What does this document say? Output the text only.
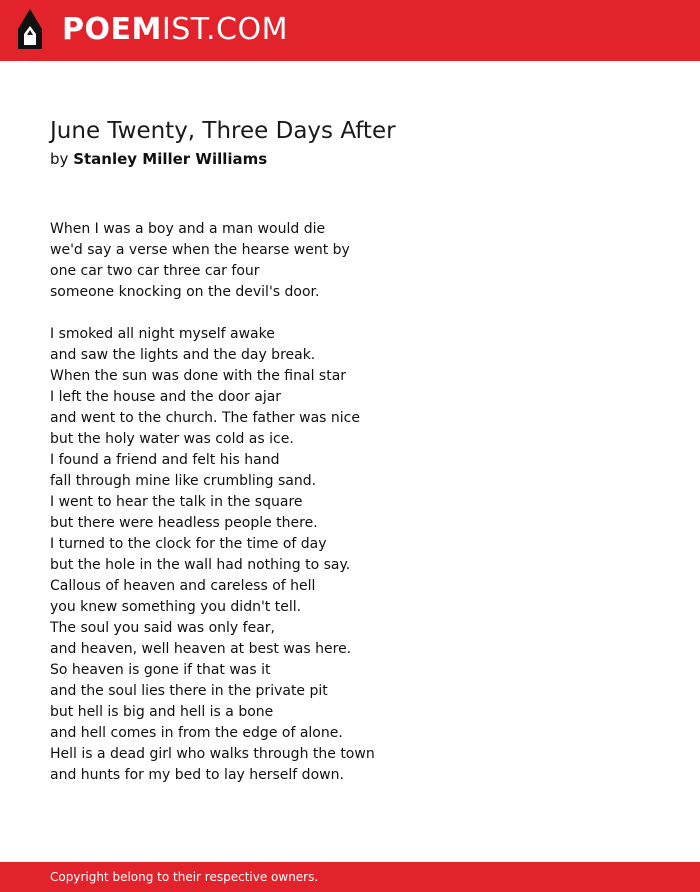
POEMIST.COM
June Twenty, Three Days After
by Stanley Miller Williams
When I was a boy and a man would die
we'd say a verse when the hearse went by
one car two car three car four
someone knocking on the devil's door.
I smoked all night myself awake
and saw the lights and the day break.
When the sun was done with the final star
I left the house and the door ajar
and went to the church. The father was nice
but the holy water was cold as ice.
I found a friend and felt his hand
fall through mine like crumbling sand.
I went to hear the talk in the square
but there were headless people there.
I turned to the clock for the time of day
but the hole in the wall had nothing to say.
Callous of heaven and careless of hell
you knew something you didn't tell.
The soul you said was only fear,
and heaven, well heaven at best was here.
So heaven is gone if that was it
and the soul lies there in the private pit
but hell is big and hell is a bone
and hell comes in from the edge of alone.
Hell is a dead girl who walks through the town
and hunts for my bed to lay herself down.
Copyright belong to their respective owners.
